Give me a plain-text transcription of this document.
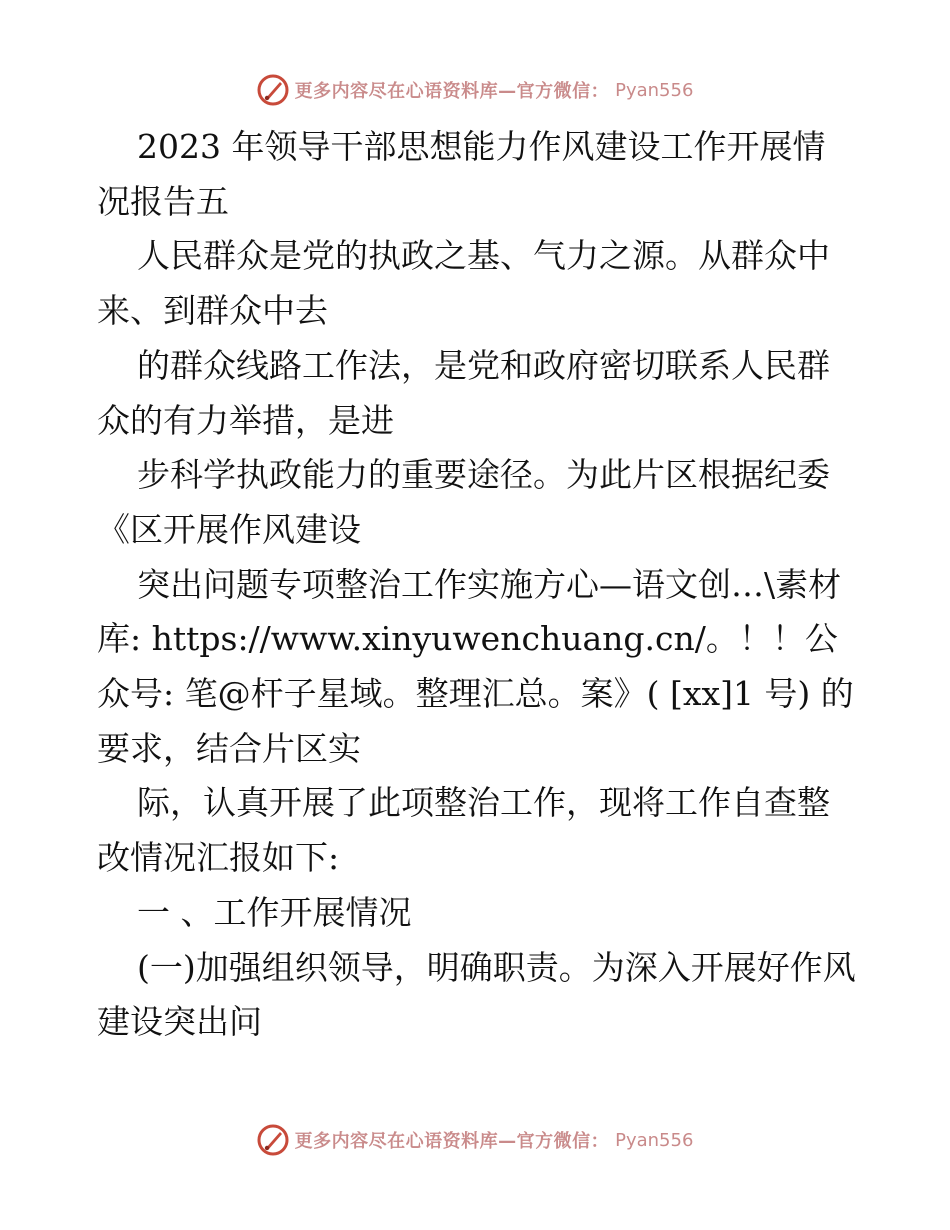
更多内容尽在心语资料库—官方微信： Pyan556

2023 年领导干部思想能力作风建设工作开展情况报告五

人民群众是党的执政之基、气力之源。从群众中来、到群众中去

的群众线路工作法，是党和政府密切联系人民群众的有力举措，是进

步科学执政能力的重要途径。为此片区根据纪委《区开展作风建设

突出问题专项整治工作实施方心—语文创…\素材库: https://www.xinyuwenchuang.cn/。！！公众号: 笔@杆子星域。整理汇总。案》( [xx]1 号) 的要求，结合片区实

际，认真开展了此项整治工作，现将工作自查整改情况汇报如下:

一 、工作开展情况

(一)加强组织领导，明确职责。为深入开展好作风建设突出问

更多内容尽在心语资料库—官方微信： Pyan556
